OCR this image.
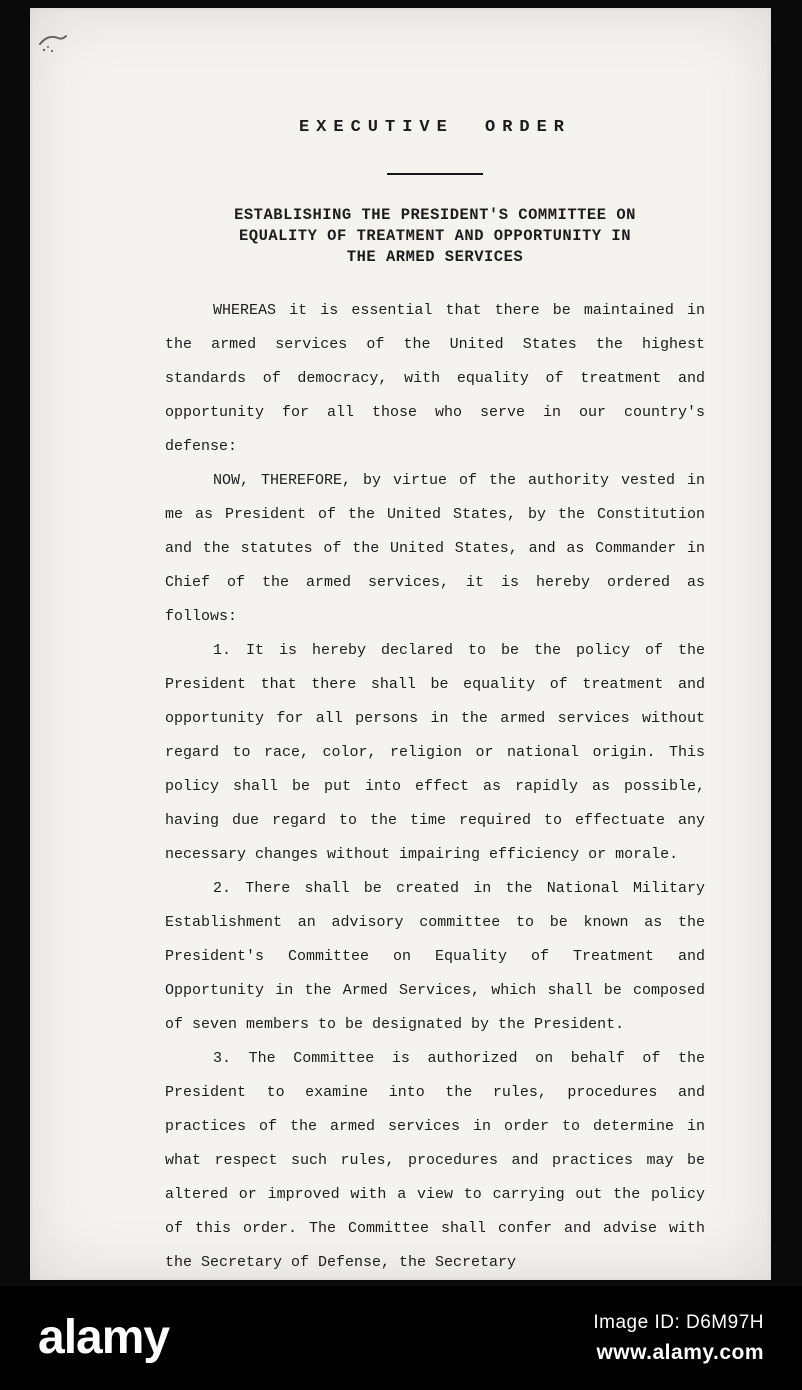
EXECUTIVE ORDER
ESTABLISHING THE PRESIDENT'S COMMITTEE ON
EQUALITY OF TREATMENT AND OPPORTUNITY IN
THE ARMED SERVICES

WHEREAS it is essential that there be maintained in the armed services of the United States the highest standards of democracy, with equality of treatment and opportunity for all those who serve in our country's defense:

NOW, THEREFORE, by virtue of the authority vested in me as President of the United States, by the Constitution and the statutes of the United States, and as Commander in Chief of the armed services, it is hereby ordered as follows:

1. It is hereby declared to be the policy of the President that there shall be equality of treatment and opportunity for all persons in the armed services without regard to race, color, religion or national origin. This policy shall be put into effect as rapidly as possible, having due regard to the time required to effectuate any necessary changes without impairing efficiency or morale.

2. There shall be created in the National Military Establishment an advisory committee to be known as the President's Committee on Equality of Treatment and Opportunity in the Armed Services, which shall be composed of seven members to be designated by the President.

3. The Committee is authorized on behalf of the President to examine into the rules, procedures and practices of the armed services in order to determine in what respect such rules, procedures and practices may be altered or improved with a view to carrying out the policy of this order. The Committee shall confer and advise with the Secretary of Defense, the Secretary

alamy	Image ID: D6M97H
www.alamy.com
